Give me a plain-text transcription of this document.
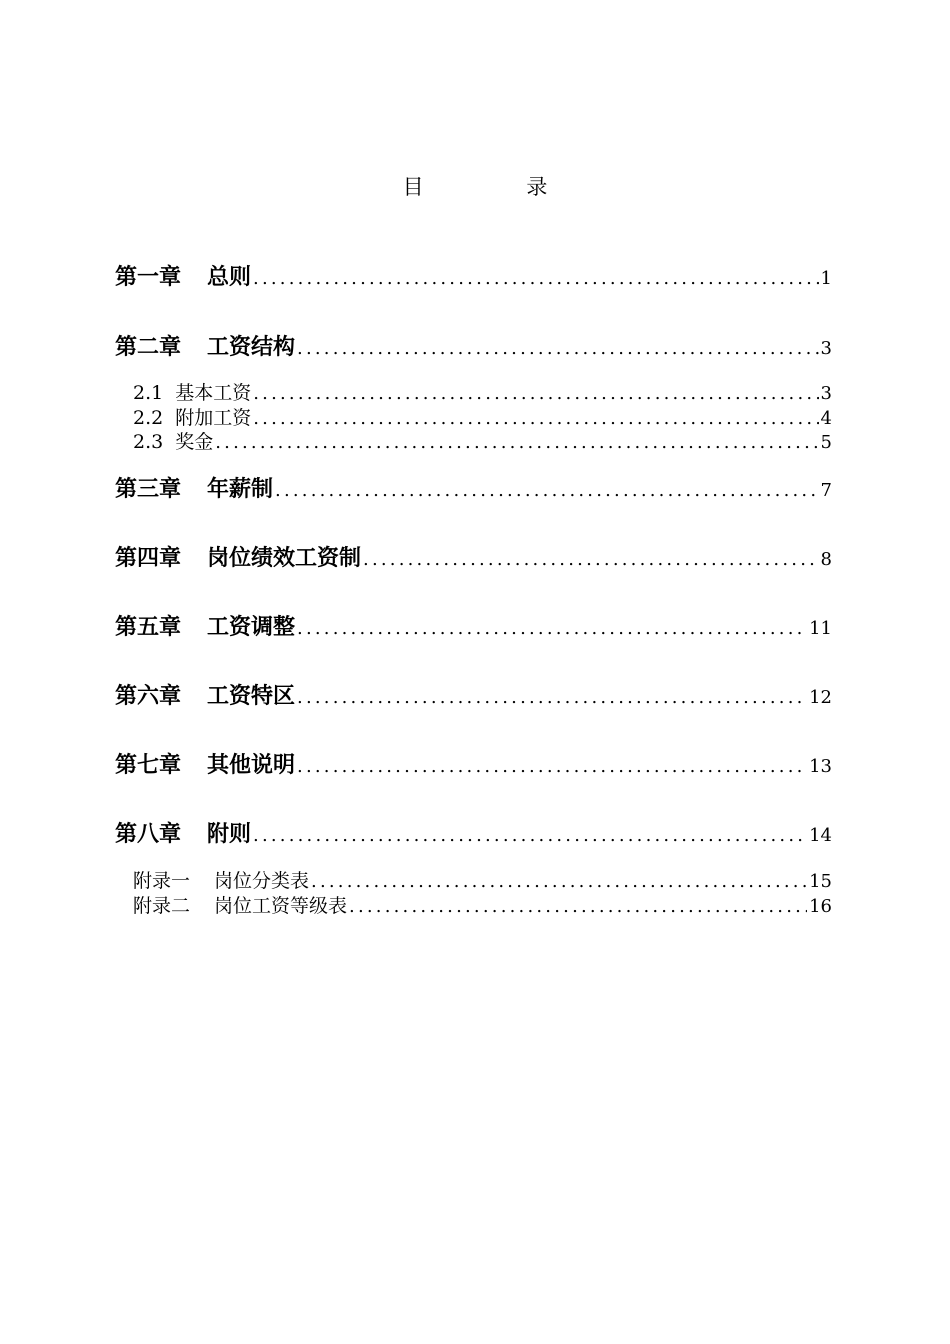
目 录
第一章 总则 .....	1
第二章 工资结构 .....	3
2.1 基本工资 .....	3
2.2 附加工资 .....	4
2.3 奖金 .....	5
第三章 年薪制 .....	7
第四章 岗位绩效工资制 .....	8
第五章 工资调整 .....	11
第六章 工资特区 .....	12
第七章 其他说明 .....	13
第八章 附则 .....	14
附录一 岗位分类表 .....	15
附录二 岗位工资等级表 .....	16
